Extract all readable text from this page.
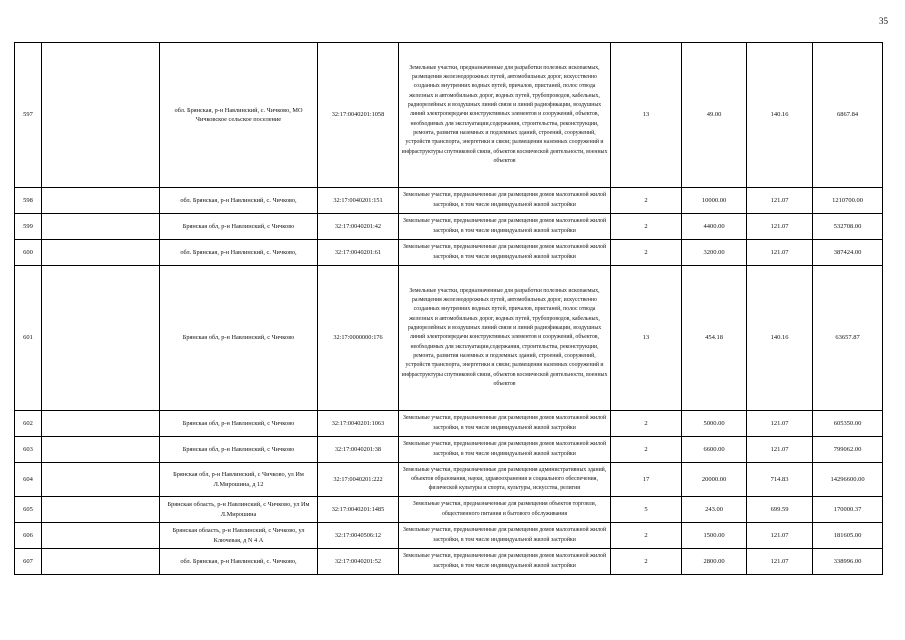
35
597		обл. Брянская, р-н Навлинский, с. Чичково, МО Чичковское сельское поселение	32:17:0040201:1058	Земельные участки, предназначенные для разработки полезных ископаемых, размещения железнодорожных путей, автомобильных дорог, искусственно созданных внутренних водных путей, причалов, пристаней, полос отвода железных и автомобильных дорог, водных путей, трубопроводов, кабельных, радиорелейных и воздушных линий связи и линий радиофикации, воздушных линий электропередачи конструктивных элементов и сооружений, объектов, необходимых для эксплуатации,содержания, строительства, реконструкции, ремонта, развития наземных и подземных зданий, строений, сооружений, устройств транспорта, энергетики и связи; размещения наземных сооружений и инфраструктуры спутниковой связи, объектов космической деятельности, военных объектов	13	49.00	140.16	6867.84
598		обл. Брянская, р-н Навлинский, с. Чичково,	32:17:0040201:151	Земельные участки, предназначенные для размещения домов малоэтажной жилой застройки, в том числе индивидуальной жилой застройки	2	10000.00	121.07	1210700.00
599		Брянская обл, р-н Навлинский, с Чичково	32:17:0040201:42	Земельные участки, предназначенные для размещения домов малоэтажной жилой застройки, в том числе индивидуальной жилой застройки	2	4400.00	121.07	532708.00
600		обл. Брянская, р-н Навлинский, с. Чичково,	32:17:0040201:61	Земельные участки, предназначенные для размещения домов малоэтажной жилой застройки, в том числе индивидуальной жилой застройки	2	3200.00	121.07	387424.00
601		Брянская обл, р-н Навлинский, с Чичково	32:17:0000000:176	Земельные участки, предназначенные для разработки полезных ископаемых, размещения железнодорожных путей, автомобильных дорог, искусственно созданных внутренних водных путей, причалов, пристаней, полос отвода железных и автомобильных дорог, водных путей, трубопроводов, кабельных, радиорелейных и воздушных линий связи и линий радиофикации, воздушных линий электропередачи конструктивных элементов и сооружений, объектов, необходимых для эксплуатации,содержания, строительства, реконструкции, ремонта, развития наземных и подземных зданий, строений, сооружений, устройств транспорта, энергетики и связи; размещения наземных сооружений и инфраструктуры спутниковой связи, объектов космической деятельности, военных объектов	13	454.18	140.16	63657.87
602		Брянская обл, р-н Навлинский, с Чичково	32:17:0040201:1063	Земельные участки, предназначенные для размещения домов малоэтажной жилой застройки, в том числе индивидуальной жилой застройки	2	5000.00	121.07	605350.00
603		Брянская обл, р-н Навлинский, с Чичково	32:17:0040201:38	Земельные участки, предназначенные для размещения домов малоэтажной жилой застройки, в том числе индивидуальной жилой застройки	2	6600.00	121.07	799062.00
604		Брянская обл, р-н Навлинский, с Чичково, ул Им Л.Мирошина, д 12	32:17:0040201:222	Земельные участки, предназначенные для размещения административных зданий, объектов образования, науки, здравоохранения и социального обеспечения, физической культуры и спорта, культуры, искусства, религии	17	20000.00	714.83	14296600.00
605		Брянская область, р-н Навлинский, с Чичково, ул Им Л.Мирошина	32:17:0040201:1485	Земельные участки, предназначенные для размещения объектов торговли, общественного питания и бытового обслуживания	5	243.00	699.59	170000.37
606		Брянская область, р-н Навлинский, с Чичково, ул Ключевая, д N 4 А	32:17:0040506:12	Земельные участки, предназначенные для размещения домов малоэтажной жилой застройки, в том числе индивидуальной жилой застройки	2	1500.00	121.07	181605.00
607		обл. Брянская, р-н Навлинский, с. Чичково,	32:17:0040201:52	Земельные участки, предназначенные для размещения домов малоэтажной жилой застройки, в том числе индивидуальной жилой застройки	2	2800.00	121.07	338996.00
